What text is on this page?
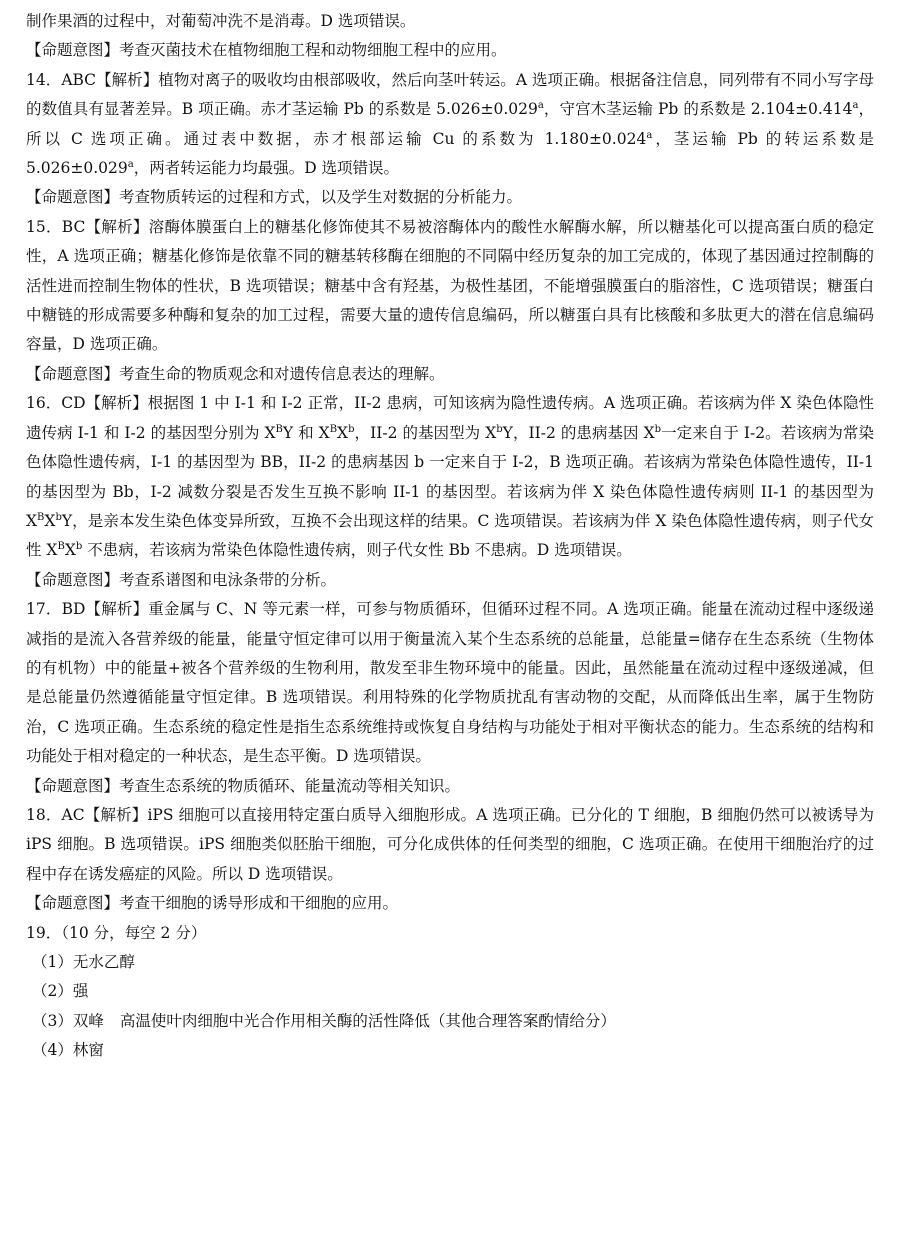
制作果酒的过程中，对葡萄冲洗不是消毒。D 选项错误。

【命题意图】考查灭菌技术在植物细胞工程和动物细胞工程中的应用。

14．ABC【解析】植物对离子的吸收均由根部吸收，然后向茎叶转运。A 选项正确。根据备注信息，同列带有不同小写字母的数值具有显著差异。B 项正确。赤才茎运输 Pb 的系数是 5.026±0.029$^a$，守宫木茎运输 Pb 的系数是 2.104±0.414$^a$，所以 C 选项正确。通过表中数据，赤才根部运输 Cu 的系数为 1.180±0.024$^a$，茎运输 Pb 的转运系数是 5.026±0.029$^a$，两者转运能力均最强。D 选项错误。

【命题意图】考查物质转运的过程和方式，以及学生对数据的分析能力。

15．BC【解析】溶酶体膜蛋白上的糖基化修饰使其不易被溶酶体内的酸性水解酶水解，所以糖基化可以提高蛋白质的稳定性，A 选项正确；糖基化修饰是依靠不同的糖基转移酶在细胞的不同隔中经历复杂的加工完成的，体现了基因通过控制酶的活性进而控制生物体的性状，B 选项错误；糖基中含有羟基，为极性基团，不能增强膜蛋白的脂溶性，C 选项错误；糖蛋白中糖链的形成需要多种酶和复杂的加工过程，需要大量的遗传信息编码，所以糖蛋白具有比核酸和多肽更大的潜在信息编码容量，D 选项正确。

【命题意图】考查生命的物质观念和对遗传信息表达的理解。

16．CD【解析】根据图 1 中 I-1 和 I-2 正常，II-2 患病，可知该病为隐性遗传病。A 选项正确。若该病为伴 X 染色体隐性遗传病 I-1 和 I-2 的基因型分别为 $X^BY$ 和 $X^BX^b$，II-2 的基因型为 $X^bY$，II-2 的患病基因 $X^b$一定来自于 I-2。若该病为常染色体隐性遗传病，I-1 的基因型为 BB，II-2 的患病基因 b 一定来自于 I-2，B 选项正确。若该病为常染色体隐性遗传，II-1 的基因型为 Bb，I-2 减数分裂是否发生互换不影响 II-1 的基因型。若该病为伴 X 染色体隐性遗传病则 II-1 的基因型为 $X^BX^bY$，是亲本发生染色体变异所致，互换不会出现这样的结果。C 选项错误。若该病为伴 X 染色体隐性遗传病，则子代女性 $X^BX^b$ 不患病，若该病为常染色体隐性遗传病，则子代女性 Bb 不患病。D 选项错误。

【命题意图】考查系谱图和电泳条带的分析。

17．BD【解析】重金属与 C、N 等元素一样，可参与物质循环，但循环过程不同。A 选项正确。能量在流动过程中逐级递减指的是流入各营养级的能量，能量守恒定律可以用于衡量流入某个生态系统的总能量，总能量=储存在生态系统（生物体的有机物）中的能量+被各个营养级的生物利用，散发至非生物环境中的能量。因此，虽然能量在流动过程中逐级递减，但是总能量仍然遵循能量守恒定律。B 选项错误。利用特殊的化学物质扰乱有害动物的交配，从而降低出生率，属于生物防治，C 选项正确。生态系统的稳定性是指生态系统维持或恢复自身结构与功能处于相对平衡状态的能力。生态系统的结构和功能处于相对稳定的一种状态，是生态平衡。D 选项错误。

【命题意图】考查生态系统的物质循环、能量流动等相关知识。

18．AC【解析】iPS 细胞可以直接用特定蛋白质导入细胞形成。A 选项正确。已分化的 T 细胞，B 细胞仍然可以被诱导为 iPS 细胞。B 选项错误。iPS 细胞类似胚胎干细胞，可分化成供体的任何类型的细胞，C 选项正确。在使用干细胞治疗的过程中存在诱发癌症的风险。所以 D 选项错误。

【命题意图】考查干细胞的诱导形成和干细胞的应用。

19．（10 分，每空 2 分）

（1）无水乙醇

（2）强

（3）双峰 高温使叶肉细胞中光合作用相关酶的活性降低（其他合理答案酌情给分）

（4）林窗
